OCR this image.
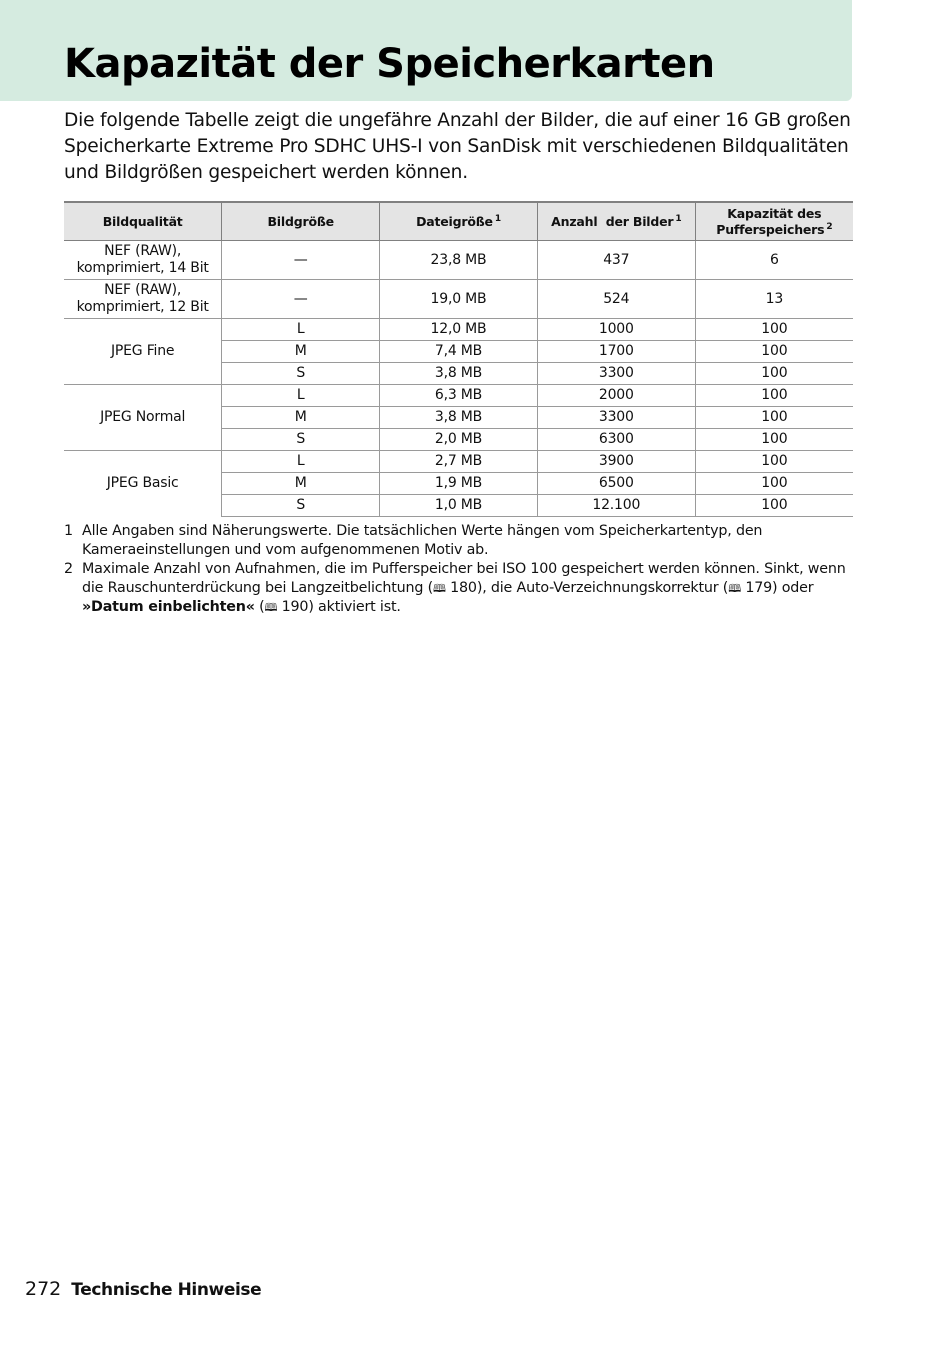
Kapazität der Speicherkarten

Die folgende Tabelle zeigt die ungefähre Anzahl der Bilder, die auf einer 16 GB großen Speicherkarte Extreme Pro SDHC UHS-I von SanDisk mit verschiedenen Bildqualitäten und Bildgrößen gespeichert werden können.

Bildqualität	Bildgröße	Dateigröße $^1$	Anzahl  der Bilder $^1$	Kapazität des
Pufferspeichers $^2$
NEF (RAW),
komprimiert, 14 Bit	—	23,8 MB	437	6
NEF (RAW),
komprimiert, 12 Bit	—	19,0 MB	524	13
JPEG Fine	L	12,0 MB	1000	100
	M	7,4 MB	1700	100
	S	3,8 MB	3300	100
JPEG Normal	L	6,3 MB	2000	100
	M	3,8 MB	3300	100
	S	2,0 MB	6300	100
JPEG Basic	L	2,7 MB	3900	100
	M	1,9 MB	6500	100
	S	1,0 MB	12.100	100

1 Alle Angaben sind Näherungswerte. Die tatsächlichen Werte hängen vom Speicherkartentyp, den Kameraeinstellungen und vom aufgenommenen Motiv ab.

2 Maximale Anzahl von Aufnahmen, die im Pufferspeicher bei ISO 100 gespeichert werden können. Sinkt, wenn die Rauschunterdrückung bei Langzeitbelichtung (🕮 180), die Auto-Verzeichnungskorrektur (🕮 179) oder »Datum einbelichten« (🕮 190) aktiviert ist.

272 Technische Hinweise
